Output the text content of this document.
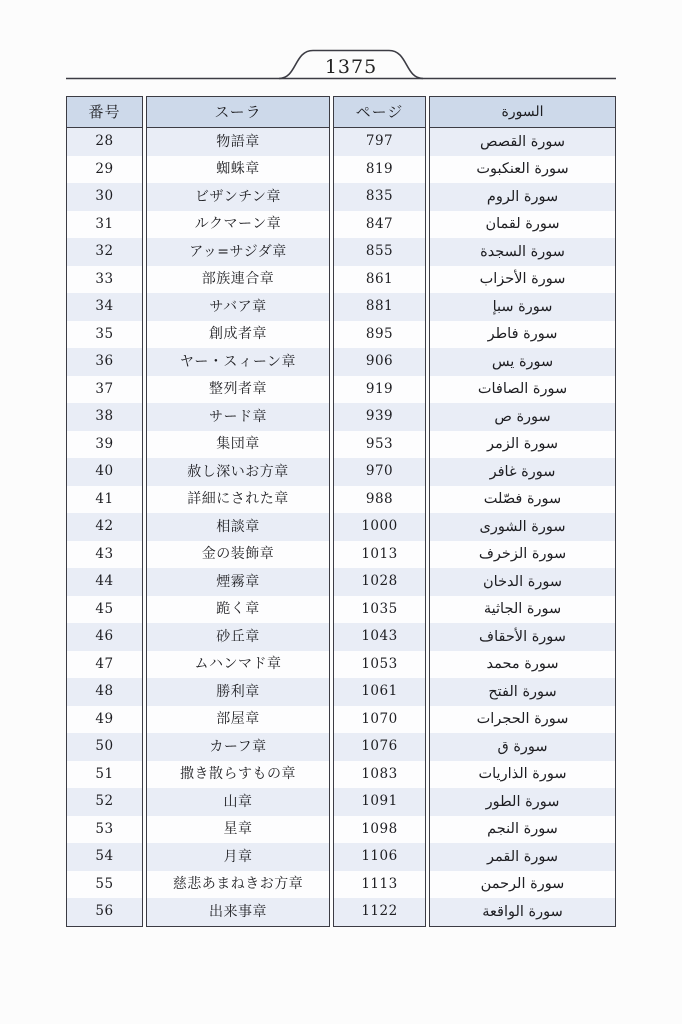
1375
番号
28
29
30
31
32
33
34
35
36
37
38
39
40
41
42
43
44
45
46
47
48
49
50
51
52
53
54
55
56
スーラ
物語章
蜘蛛章
ビザンチン章
ルクマーン章
アッ=サジダ章
部族連合章
サバア章
創成者章
ヤー・スィーン章
整列者章
サード章
集団章
赦し深いお方章
詳細にされた章
相談章
金の装飾章
煙霧章
跪く章
砂丘章
ムハンマド章
勝利章
部屋章
カーフ章
撒き散らすもの章
山章
星章
月章
慈悲あまねきお方章
出来事章
ページ
797
819
835
847
855
861
881
895
906
919
939
953
970
988
1000
1013
1028
1035
1043
1053
1061
1070
1076
1083
1091
1098
1106
1113
1122
السورة
سورة القصص
سورة العنكبوت
سورة الروم
سورة لقمان
سورة السجدة
سورة الأحزاب
سورة سبإ
سورة فاطر
سورة يس
سورة الصافات
سورة ص
سورة الزمر
سورة غافر
سورة فصّلت
سورة الشورى
سورة الزخرف
سورة الدخان
سورة الجاثية
سورة الأحقاف
سورة محمد
سورة الفتح
سورة الحجرات
سورة ق
سورة الذاريات
سورة الطور
سورة النجم
سورة القمر
سورة الرحمن
سورة الواقعة
